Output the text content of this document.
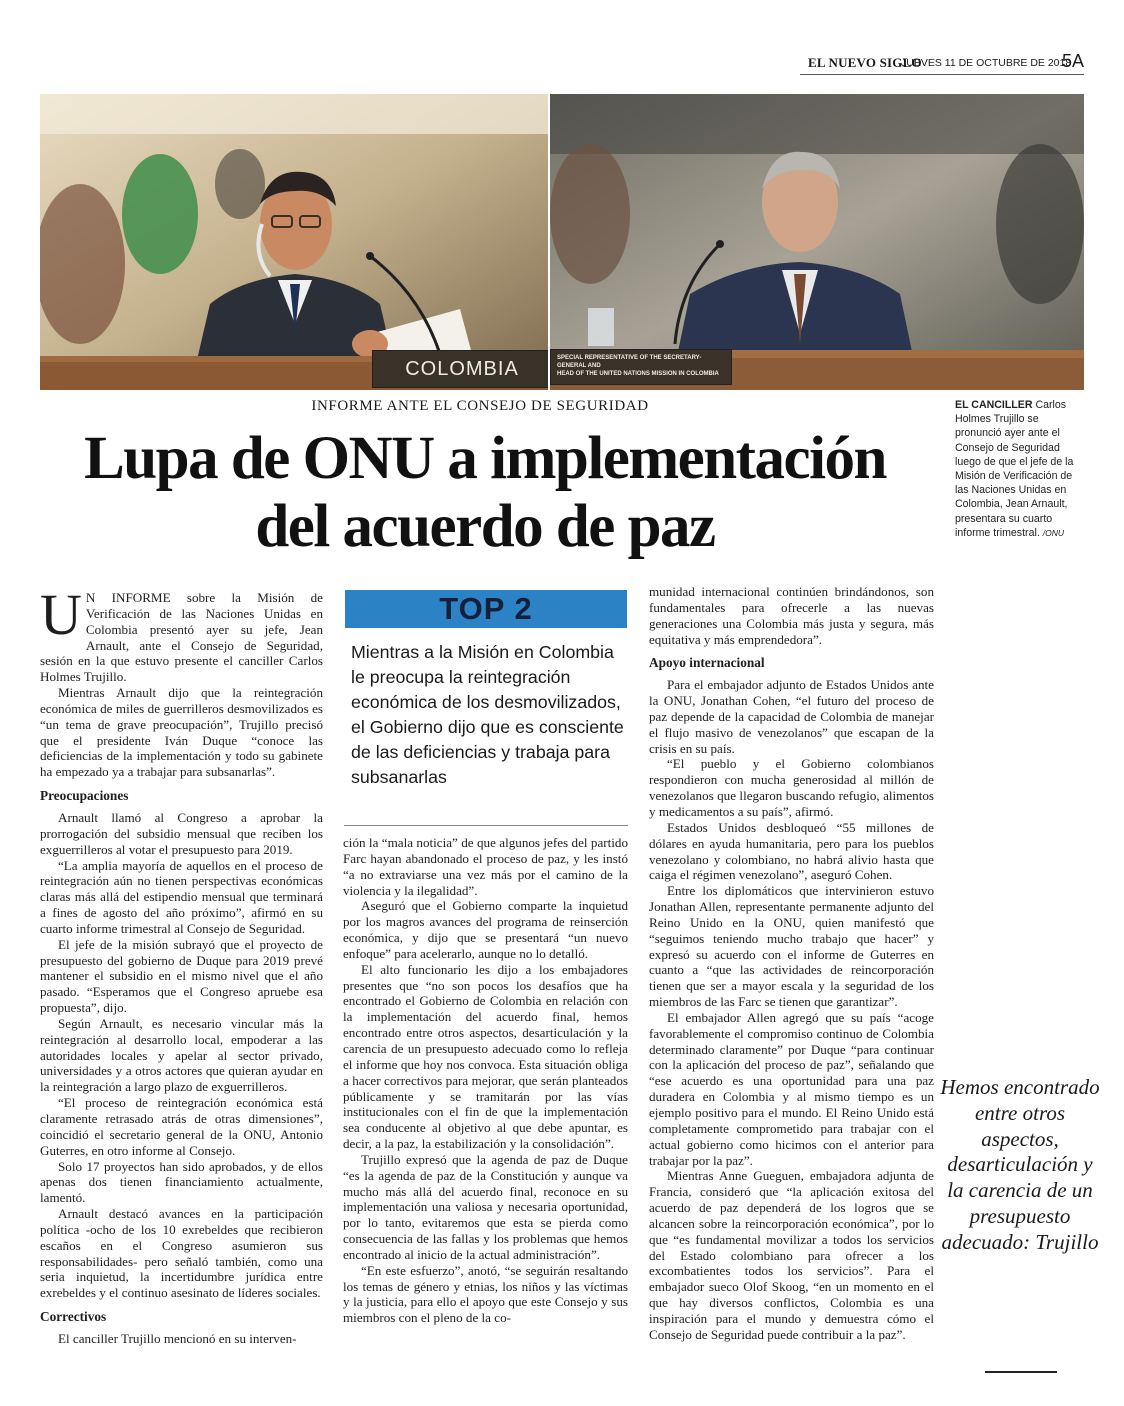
EL NUEVO SIGLO
JUEVES 11 DE OCTUBRE DE 2018
5A
COLOMBIA	SPECIAL REPRESENTATIVE OF THE SECRETARY-GENERAL AND
HEAD OF THE UNITED NATIONS MISSION IN COLOMBIA
EL CANCILLER Carlos Holmes Trujillo se pronunció ayer ante el Consejo de Seguridad luego de que el jefe de la Misión de Verificación de las Naciones Unidas en Colombia, Jean Arnault, presentara su cuarto informe trimestral. /ONU
INFORME ANTE EL CONSEJO DE SEGURIDAD
Lupa de ONU a implementación
del acuerdo de paz

U N INFORME sobre la Misión de Verificación de las Naciones Unidas en Colombia presentó ayer su jefe, Jean Arnault, ante el Consejo de Seguridad, sesión en la que estuvo presente el canciller Carlos Holmes Trujillo.

Mientras Arnault dijo que la reintegración económica de miles de guerrilleros desmovilizados es “un tema de grave preocupación”, Trujillo precisó que el presidente Iván Duque “conoce las deficiencias de la implementación y todo su gabinete ha empezado ya a trabajar para subsanarlas”.

Preocupaciones

Arnault llamó al Congreso a aprobar la prorrogación del subsidio mensual que reciben los exguerrilleros al votar el presupuesto para 2019.

“La amplia mayoría de aquellos en el proceso de reintegración aún no tienen perspectivas económicas claras más allá del estipendio mensual que terminará a fines de agosto del año próximo”, afirmó en su cuarto informe trimestral al Consejo de Seguridad.

El jefe de la misión subrayó que el proyecto de presupuesto del gobierno de Duque para 2019 prevé mantener el subsidio en el mismo nivel que el año pasado. “Esperamos que el Congreso apruebe esa propuesta”, dijo.

Según Arnault, es necesario vincular más la reintegración al desarrollo local, empoderar a las autoridades locales y apelar al sector privado, universidades y a otros actores que quieran ayudar en la reintegración a largo plazo de exguerrilleros.

“El proceso de reintegración económica está claramente retrasado atrás de otras dimensiones”, coincidió el secretario general de la ONU, Antonio Guterres, en otro informe al Consejo.

Solo 17 proyectos han sido aprobados, y de ellos apenas dos tienen financiamiento actualmente, lamentó.

Arnault destacó avances en la participación política -ocho de los 10 exrebeldes que recibieron escaños en el Congreso asumieron sus responsabilidades- pero señaló también, como una seria inquietud, la incertidumbre jurídica entre exrebeldes y el continuo asesinato de líderes sociales.

Correctivos

El canciller Trujillo mencionó en su interven-

TOP 2
Mientras a la Misión en Colombia le preocupa la reintegración económica de los desmovilizados, el Gobierno dijo que es consciente de las deficiencias y trabaja para subsanarlas

ción la “mala noticia” de que algunos jefes del partido Farc hayan abandonado el proceso de paz, y les instó “a no extraviarse una vez más por el camino de la violencia y la ilegalidad”.

Aseguró que el Gobierno comparte la inquietud por los magros avances del programa de reinserción económica, y dijo que se presentará “un nuevo enfoque” para acelerarlo, aunque no lo detalló.

El alto funcionario les dijo a los embajadores presentes que “no son pocos los desafíos que ha encontrado el Gobierno de Colombia en relación con la implementación del acuerdo final, hemos encontrado entre otros aspectos, desarticulación y la carencia de un presupuesto adecuado como lo refleja el informe que hoy nos convoca. Esta situación obliga a hacer correctivos para mejorar, que serán planteados públicamente y se tramitarán por las vías institucionales con el fin de que la implementación sea conducente al objetivo al que debe apuntar, es decir, a la paz, la estabilización y la consolidación”.

Trujillo expresó que la agenda de paz de Duque “es la agenda de paz de la Constitución y aunque va mucho más allá del acuerdo final, reconoce en su implementación una valiosa y necesaria oportunidad, por lo tanto, evitaremos que esta se pierda como consecuencia de las fallas y los problemas que hemos encontrado al inicio de la actual administración”.

“En este esfuerzo”, anotó, “se seguirán resaltando los temas de género y etnias, los niños y las víctimas y la justicia, para ello el apoyo que este Consejo y sus miembros con el pleno de la co-

munidad internacional continúen brindándonos, son fundamentales para ofrecerle a las nuevas generaciones una Colombia más justa y segura, más equitativa y más emprendedora”.

Apoyo internacional

Para el embajador adjunto de Estados Unidos ante la ONU, Jonathan Cohen, “el futuro del proceso de paz depende de la capacidad de Colombia de manejar el flujo masivo de venezolanos” que escapan de la crisis en su país.

“El pueblo y el Gobierno colombianos respondieron con mucha generosidad al millón de venezolanos que llegaron buscando refugio, alimentos y medicamentos a su país”, afirmó.

Estados Unidos desbloqueó “55 millones de dólares en ayuda humanitaria, pero para los pueblos venezolano y colombiano, no habrá alivio hasta que caiga el régimen venezolano”, aseguró Cohen.

Entre los diplomáticos que intervinieron estuvo Jonathan Allen, representante permanente adjunto del Reino Unido en la ONU, quien manifestó que “seguimos teniendo mucho trabajo que hacer” y expresó su acuerdo con el informe de Guterres en cuanto a “que las actividades de reincorporación tienen que ser a mayor escala y la seguridad de los miembros de las Farc se tienen que garantizar”.

El embajador Allen agregó que su país “acoge favorablemente el compromiso continuo de Colombia determinado claramente” por Duque “para continuar con la aplicación del proceso de paz”, señalando que “ese acuerdo es una oportunidad para una paz duradera en Colombia y al mismo tiempo es un ejemplo positivo para el mundo. El Reino Unido está completamente comprometido para trabajar con el actual gobierno como hicimos con el anterior para trabajar por la paz”.

Mientras Anne Gueguen, embajadora adjunta de Francia, consideró que “la aplicación exitosa del acuerdo de paz dependerá de los logros que se alcancen sobre la reincorporación económica”, por lo que “es fundamental movilizar a todos los servicios del Estado colombiano para ofrecer a los excombatientes todos los servicios”. Para el embajador sueco Olof Skoog, “en un momento en el que hay diversos conflictos, Colombia es una inspiración para el mundo y demuestra cómo el Consejo de Seguridad puede contribuir a la paz”.

Hemos encontrado entre otros aspectos, desarticulación y la carencia de un presupuesto adecuado: Trujillo
